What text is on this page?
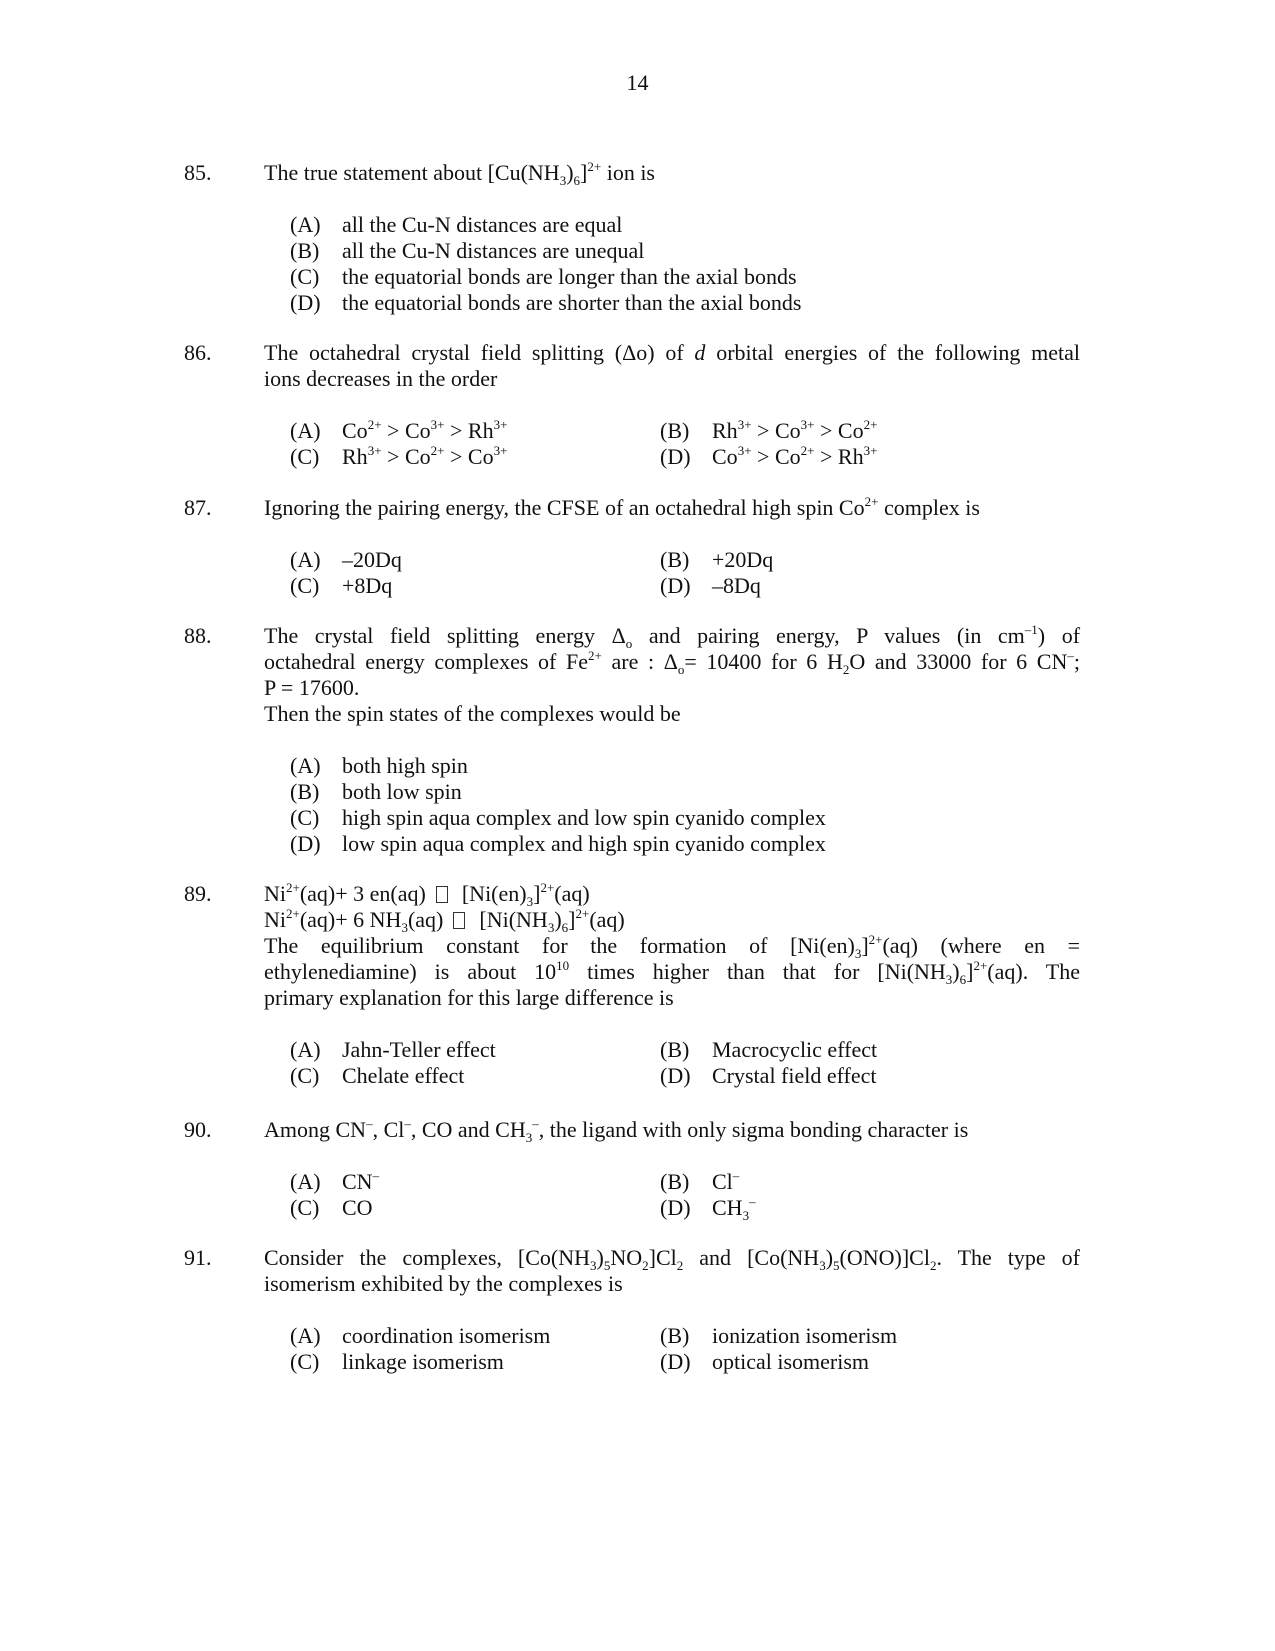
14
85.	The true statement about $[Cu(NH_3)_6]^{2+}$ ion is
(A) all the Cu-N distances are equal
(B) all the Cu-N distances are unequal
(C) the equatorial bonds are longer than the axial bonds
(D) the equatorial bonds are shorter than the axial bonds
86.	The octahedral crystal field splitting (Δo) of d orbital energies of the following metal
ions decreases in the order
(A) $Co^{2+} > Co^{3+} > Rh^{3+}$	(B) $Rh^{3+} > Co^{3+} > Co^{2+}$
(C) $Rh^{3+} > Co^{2+} > Co^{3+}$	(D) $Co^{3+} > Co^{2+} > Rh^{3+}$
87.	Ignoring the pairing energy, the CFSE of an octahedral high spin $Co^{2+}$ complex is
(A) –20Dq	(B) +20Dq
(C) +8Dq	(D) –8Dq
88.	The crystal field splitting energy $\Delta_o$ and pairing energy, P values (in $cm^{-1}$) of
octahedral energy complexes of $Fe^{2+}$ are : $\Delta_o= 10400$ for 6 $H_2O$ and 33000 for 6 CN–;
P = 17600.
Then the spin states of the complexes would be
(A) both high spin
(B) both low spin
(C) high spin aqua complex and low spin cyanido complex
(D) low spin aqua complex and high spin cyanido complex
89.	$Ni^{2+}(aq)+ 3$ en(aq) $[Ni(en)_3]^{2+}(aq)$
$Ni^{2+}(aq)+ 6$ $NH_3(aq)$ $[Ni(NH_3)_6]^{2+}(aq)$
The equilibrium constant for the formation of $[Ni(en)_3]^{2+}(aq)$ (where en =
ethylenediamine) is about $10^{10}$ times higher than that for $[Ni(NH_3)_6]^{2+}(aq)$. The
primary explanation for this large difference is
(A) Jahn-Teller effect	(B) Macrocyclic effect
(C) Chelate effect	(D) Crystal field effect
90.	Among CN–, Cl–, CO and $CH_3^-$, the ligand with only sigma bonding character is
(A) CN–	(B) Cl–
(C) CO	(D) $CH_3^-$
91.	Consider the complexes, $[Co(NH_3)_5NO_2]Cl_2$ and $[Co(NH_3)_5(ONO)]Cl_2$. The type of
isomerism exhibited by the complexes is
(A) coordination isomerism	(B) ionization isomerism
(C) linkage isomerism	(D) optical isomerism
